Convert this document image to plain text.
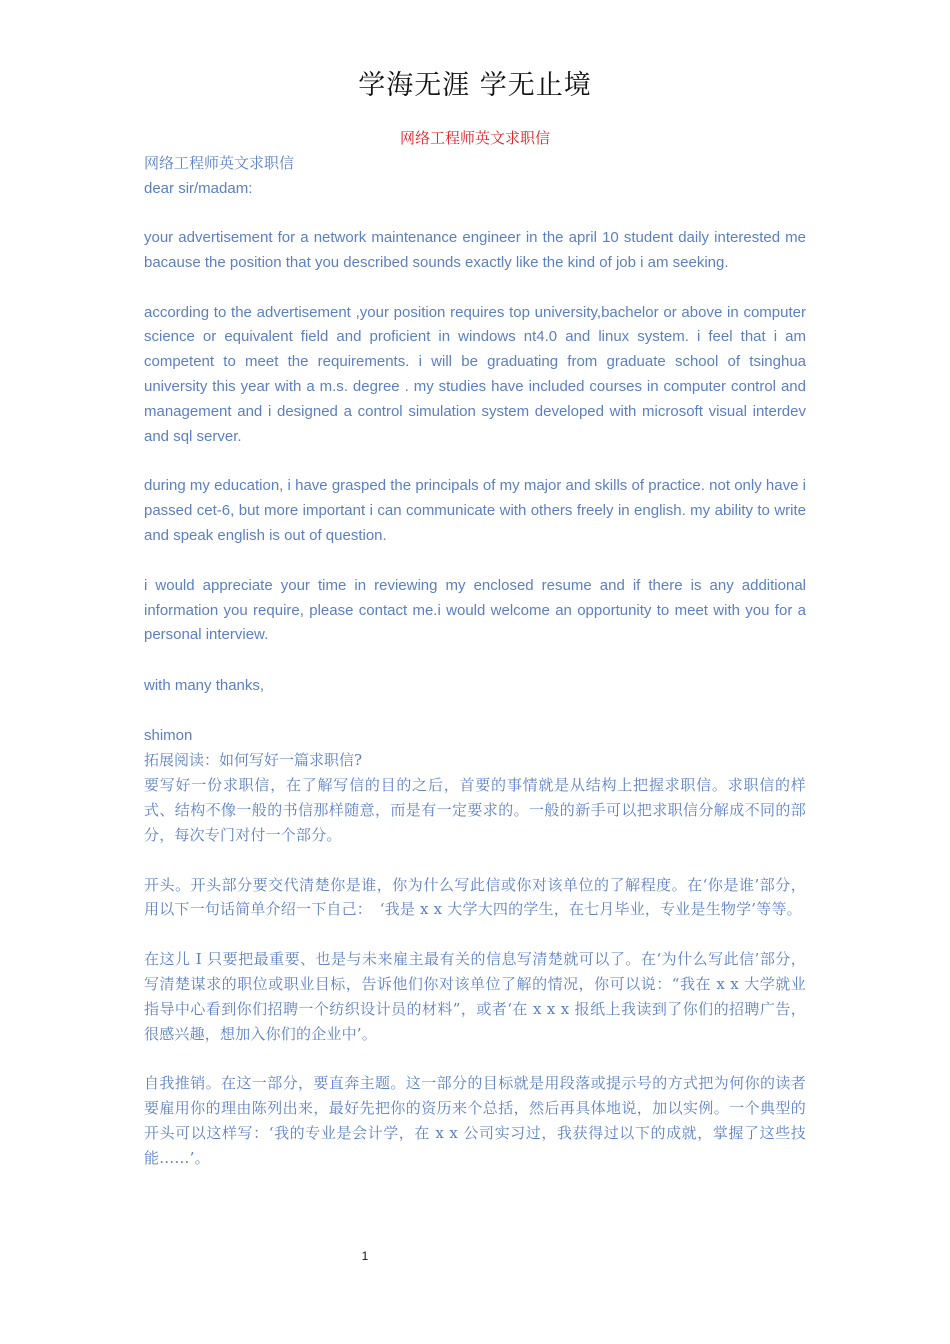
学海无涯 学无止境
网络工程师英文求职信

网络工程师英文求职信

dear sir/madam:

your advertisement for a network maintenance engineer in the april 10 student daily interested me bacause the position that you described sounds exactly like the kind of job i am seeking.

according to the advertisement ,your position requires top university,bachelor or above in computer science or equivalent field and proficient in windows nt4.0 and linux system. i feel that i am competent to meet the requirements. i will be graduating from graduate school of tsinghua university this year with a m.s. degree . my studies have included courses in computer control and management and i designed a control simulation system developed with microsoft visual interdev and sql server.

during my education, i have grasped the principals of my major and skills of practice. not only have i passed cet-6, but more important i can communicate with others freely in english. my ability to write and speak english is out of question.

i would appreciate your time in reviewing my enclosed resume and if there is any additional information you require, please contact me.i would welcome an opportunity to meet with you for a personal interview.

with many thanks,

shimon

拓展阅读：如何写好一篇求职信?

要写好一份求职信，在了解写信的目的之后，首要的事情就是从结构上把握求职信。求职信的样式、结构不像一般的书信那样随意，而是有一定要求的。一般的新手可以把求职信分解成不同的部分，每次专门对付一个部分。

开头。开头部分要交代清楚你是谁，你为什么写此信或你对该单位的了解程度。在‘你是谁’部分，用以下一句话简单介绍一下自己：　‘我是 x x 大学大四的学生，在七月毕业，专业是生物学’等等。

在这儿 I 只要把最重要、也是与未来雇主最有关的信息写清楚就可以了。在‘为什么写此信’部分，写清楚谋求的职位或职业目标，告诉他们你对该单位了解的情况，你可以说：“我在 x x 大学就业指导中心看到你们招聘一个纺织设计员的材料”，或者‘在 x x x 报纸上我读到了你们的招聘广告，很感兴趣，想加入你们的企业中’。

自我推销。在这一部分，要直奔主题。这一部分的目标就是用段落或提示号的方式把为何你的读者要雇用你的理由陈列出来，最好先把你的资历来个总括，然后再具体地说，加以实例。一个典型的开头可以这样写：‘我的专业是会计学，在 x x 公司实习过，我获得过以下的成就，掌握了这些技能……’。

1
